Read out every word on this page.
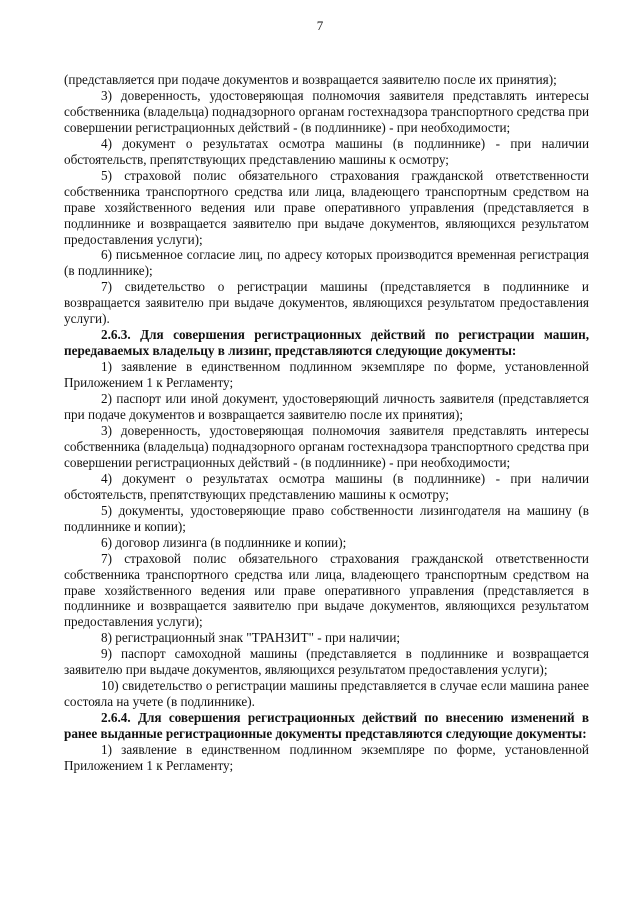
7

(представляется при подаче документов и возвращается заявителю после их принятия);

3) доверенность, удостоверяющая полномочия заявителя представлять интересы собственника (владельца) поднадзорного органам гостехнадзора транспортного средства при совершении регистрационных действий - (в подлиннике) - при необходимости;

4) документ о результатах осмотра машины (в подлиннике) - при наличии обстоятельств, препятствующих представлению машины к осмотру;

5) страховой полис обязательного страхования гражданской ответственности собственника транспортного средства или лица, владеющего транспортным средством на праве хозяйственного ведения или праве оперативного управления (представляется в подлиннике и возвращается заявителю при выдаче документов, являющихся результатом предоставления услуги);

6) письменное согласие лиц, по адресу которых производится временная регистрация (в подлиннике);

7) свидетельство о регистрации машины (представляется в подлиннике и возвращается заявителю при выдаче документов, являющихся результатом предоставления услуги).

2.6.3. Для совершения регистрационных действий по регистрации машин, передаваемых владельцу в лизинг, представляются следующие документы:

1) заявление в единственном подлинном экземпляре по форме, установленной Приложением 1 к Регламенту;

2) паспорт или иной документ, удостоверяющий личность заявителя (представляется при подаче документов и возвращается заявителю после их принятия);

3) доверенность, удостоверяющая полномочия заявителя представлять интересы собственника (владельца) поднадзорного органам гостехнадзора транспортного средства при совершении регистрационных действий - (в подлиннике) - при необходимости;

4) документ о результатах осмотра машины (в подлиннике) - при наличии обстоятельств, препятствующих представлению машины к осмотру;

5) документы, удостоверяющие право собственности лизингодателя на машину (в подлиннике и копии);

6) договор лизинга (в подлиннике и копии);

7) страховой полис обязательного страхования гражданской ответственности собственника транспортного средства или лица, владеющего транспортным средством на праве хозяйственного ведения или праве оперативного управления (представляется в подлиннике и возвращается заявителю при выдаче документов, являющихся результатом предоставления услуги);

8) регистрационный знак "ТРАНЗИТ" - при наличии;

9) паспорт самоходной машины (представляется в подлиннике и возвращается заявителю при выдаче документов, являющихся результатом предоставления услуги);

10) свидетельство о регистрации машины представляется в случае если машина ранее состояла на учете (в подлиннике).

2.6.4. Для совершения регистрационных действий по внесению изменений в ранее выданные регистрационные документы представляются следующие документы:

1) заявление в единственном подлинном экземпляре по форме, установленной Приложением 1 к Регламенту;
